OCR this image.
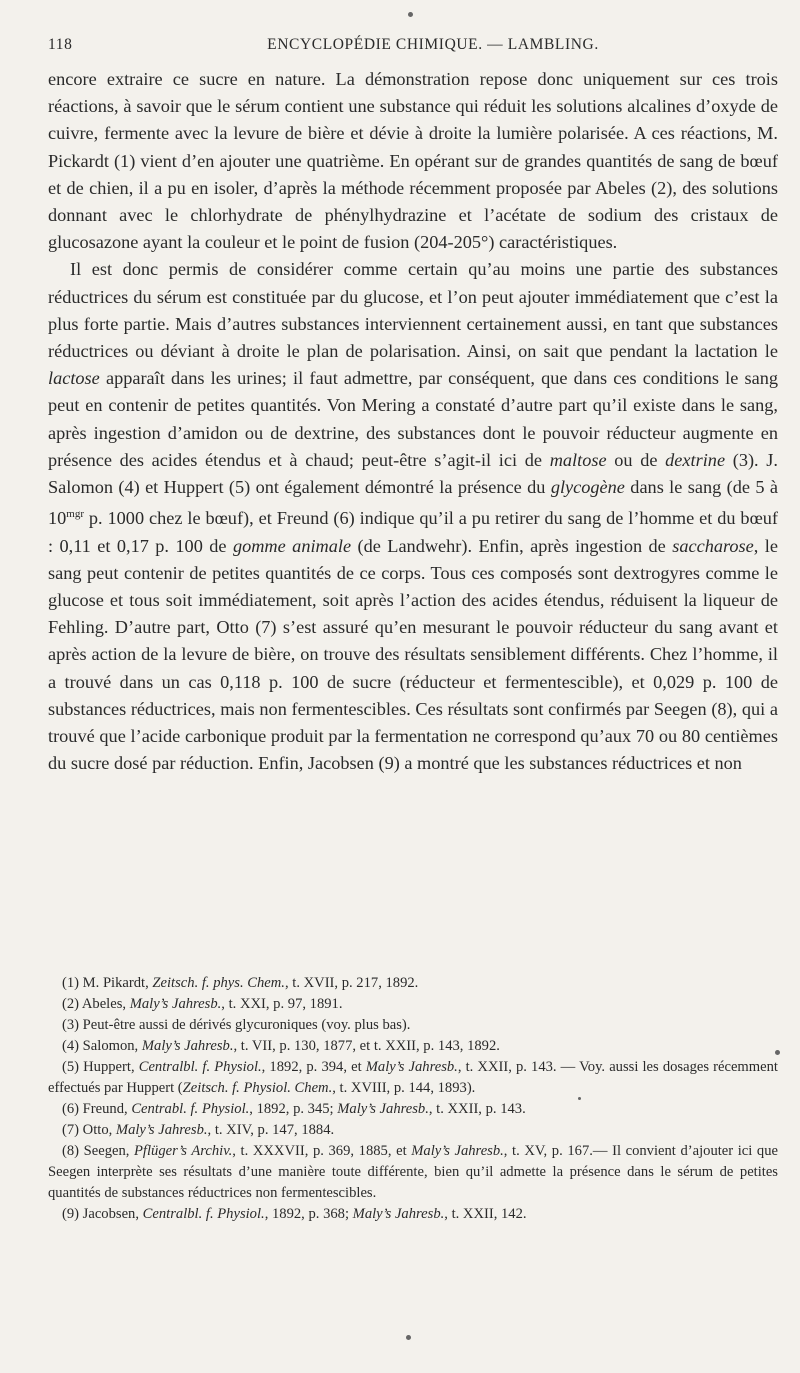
118	ENCYCLOPÉDIE CHIMIQUE. — LAMBLING.

encore extraire ce sucre en nature. La démonstration repose donc uniquement sur ces trois réactions, à savoir que le sérum contient une substance qui réduit les solutions alcalines d’oxyde de cuivre, fermente avec la levure de bière et dévie à droite la lumière polarisée. A ces réactions, M. Pickardt (1) vient d’en ajouter une quatrième. En opérant sur de grandes quantités de sang de bœuf et de chien, il a pu en isoler, d’après la méthode récemment proposée par Abeles (2), des solutions donnant avec le chlorhydrate de phénylhydrazine et l’acétate de sodium des cristaux de glucosazone ayant la couleur et le point de fusion (204-205°) caractéristiques.

Il est donc permis de considérer comme certain qu’au moins une partie des substances réductrices du sérum est constituée par du glucose, et l’on peut ajouter immédiatement que c’est la plus forte partie. Mais d’autres substances interviennent certainement aussi, en tant que substances réductrices ou déviant à droite le plan de polarisation. Ainsi, on sait que pendant la lactation le lactose apparaît dans les urines; il faut admettre, par conséquent, que dans ces conditions le sang peut en contenir de petites quantités. Von Mering a constaté d’autre part qu’il existe dans le sang, après ingestion d’amidon ou de dextrine, des substances dont le pouvoir réducteur augmente en présence des acides étendus et à chaud; peut-être s’agit-il ici de maltose ou de dextrine (3). J. Salomon (4) et Huppert (5) ont également démontré la présence du glycogène dans le sang (de 5 à $10^{mgr}$ p. 1000 chez le bœuf), et Freund (6) indique qu’il a pu retirer du sang de l’homme et du bœuf : 0,11 et 0,17 p. 100 de gomme animale (de Landwehr). Enfin, après ingestion de saccharose, le sang peut contenir de petites quantités de ce corps. Tous ces composés sont dextrogyres comme le glucose et tous soit immédiatement, soit après l’action des acides étendus, réduisent la liqueur de Fehling. D’autre part, Otto (7) s’est assuré qu’en mesurant le pouvoir réducteur du sang avant et après action de la levure de bière, on trouve des résultats sensiblement différents. Chez l’homme, il a trouvé dans un cas 0,118 p. 100 de sucre (réducteur et fermentescible), et 0,029 p. 100 de substances réductrices, mais non fermentescibles. Ces résultats sont confirmés par Seegen (8), qui a trouvé que l’acide carbonique produit par la fermentation ne correspond qu’aux 70 ou 80 centièmes du sucre dosé par réduction. Enfin, Jacobsen (9) a montré que les substances réductrices et non

(1) M. Pikardt, Zeitsch. f. phys. Chem., t. XVII, p. 217, 1892.

(2) Abeles, Maly’s Jahresb., t. XXI, p. 97, 1891.

(3) Peut-être aussi de dérivés glycuroniques (voy. plus bas).

(4) Salomon, Maly’s Jahresb., t. VII, p. 130, 1877, et t. XXII, p. 143, 1892.

(5) Huppert, Centralbl. f. Physiol., 1892, p. 394, et Maly’s Jahresb., t. XXII, p. 143. — Voy. aussi les dosages récemment effectués par Huppert (Zeitsch. f. Physiol. Chem., t. XVIII, p. 144, 1893).

(6) Freund, Centrabl. f. Physiol., 1892, p. 345; Maly’s Jahresb., t. XXII, p. 143.

(7) Otto, Maly’s Jahresb., t. XIV, p. 147, 1884.

(8) Seegen, Pflüger’s Archiv., t. XXXVII, p. 369, 1885, et Maly’s Jahresb., t. XV, p. 167.— Il convient d’ajouter ici que Seegen interprète ses résultats d’une manière toute différente, bien qu’il admette la présence dans le sérum de petites quantités de substances réductrices non fermentescibles.

(9) Jacobsen, Centralbl. f. Physiol., 1892, p. 368; Maly’s Jahresb., t. XXII, 142.
